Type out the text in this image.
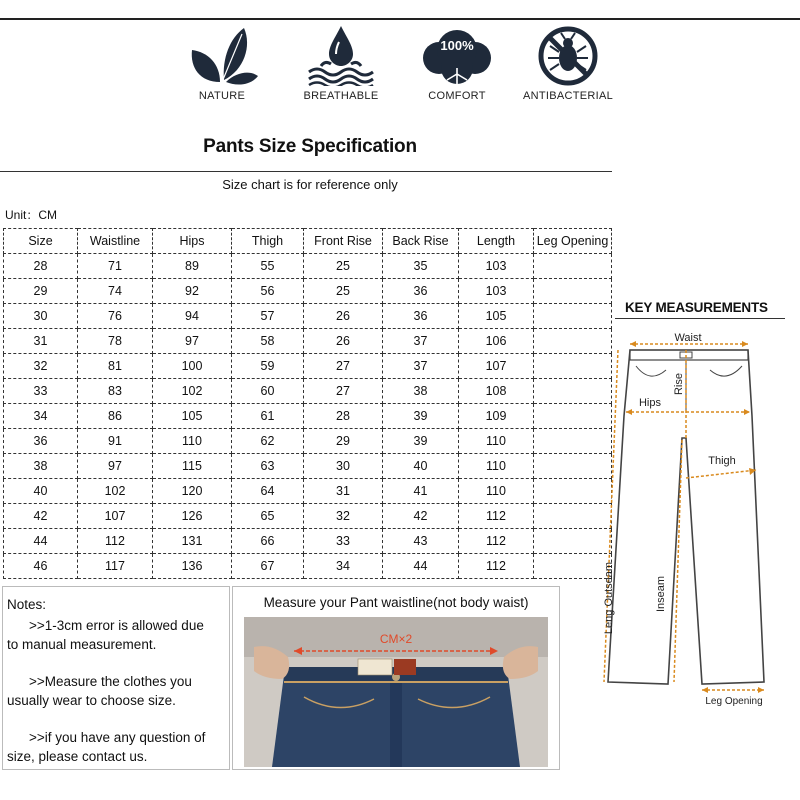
NATURE	BREATHABLE
100%
COMFORT	ANTIBACTERIAL
Pants Size Specification
Size chart is for reference only
Unit：CM
Size	Waistline	Hips	Thigh	Front Rise	Back Rise	Length	Leg Opening
28	71	89	55	25	35	103	
29	74	92	56	25	36	103	
30	76	94	57	26	36	105	
31	78	97	58	26	37	106	
32	81	100	59	27	37	107	
33	83	102	60	27	38	108	
34	86	105	61	28	39	109	
36	91	110	62	29	39	110	
38	97	115	63	30	40	110	
40	102	120	64	31	41	110	
42	107	126	65	32	42	112	
44	112	131	66	33	43	112	
46	117	136	67	34	44	112	
Notes:

>>1-3cm error is allowed due
to manual measurement.

>>Measure the clothes you
usually wear to choose size.

>>if you have any question of
size, please contact us.

Measure your Pant waistline(not body waist)
CM×2
KEY MEASUREMENTS
Waist
Rise
Hips
Thigh
Leng Outseam	Inseam
Leg Opening
